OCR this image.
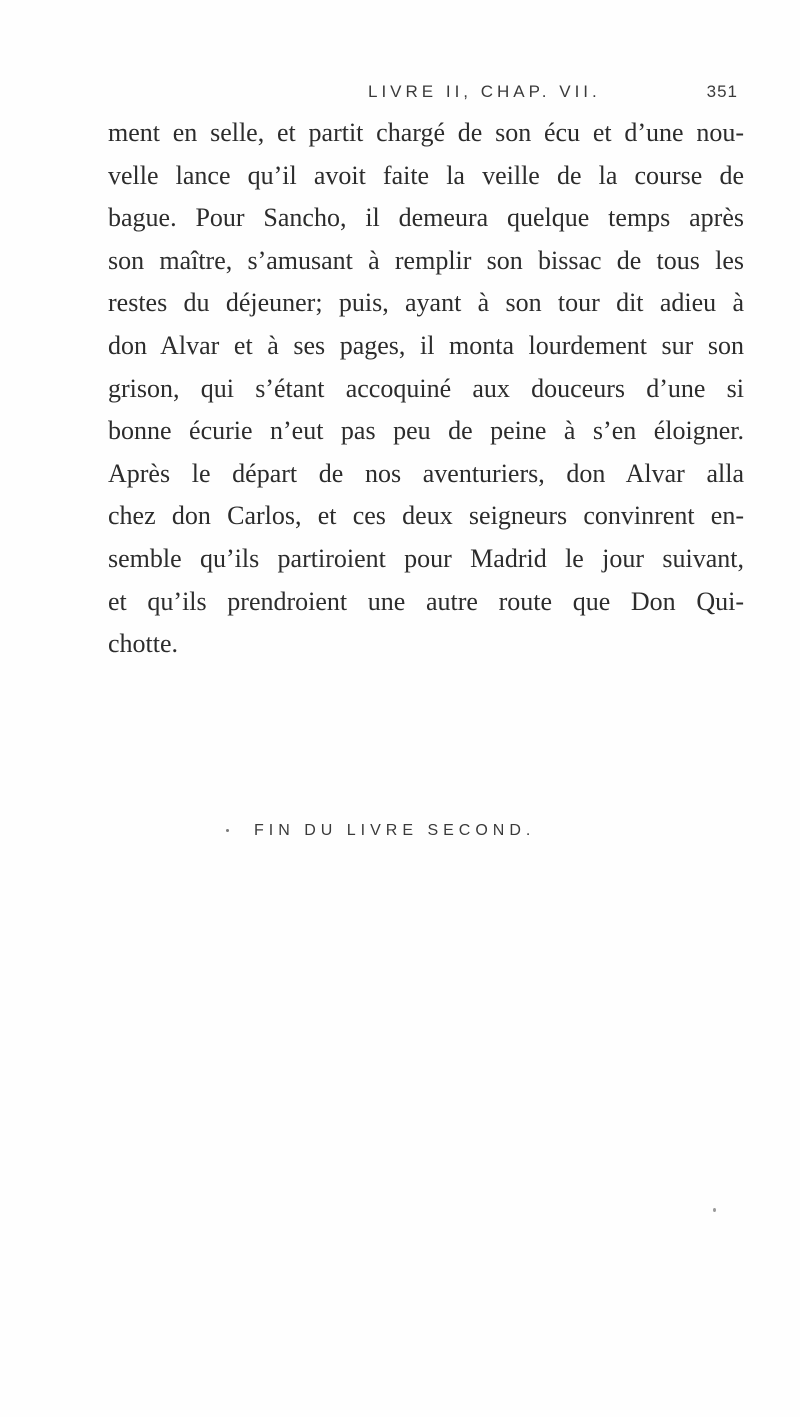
LIVRE II, CHAP. VII.	351
ment en selle, et partit chargé de son écu et d’une nou-
velle lance qu’il avoit faite la veille de la course de
bague. Pour Sancho, il demeura quelque temps après
son maître, s’amusant à remplir son bissac de tous les
restes du déjeuner; puis, ayant à son tour dit adieu à
don Alvar et à ses pages, il monta lourdement sur son
grison, qui s’étant accoquiné aux douceurs d’une si
bonne écurie n’eut pas peu de peine à s’en éloigner.
Après le départ de nos aventuriers, don Alvar alla
chez don Carlos, et ces deux seigneurs convinrent en-
semble qu’ils partiroient pour Madrid le jour suivant,
et qu’ils prendroient une autre route que Don Qui-
chotte.
FIN DU LIVRE SECOND.
